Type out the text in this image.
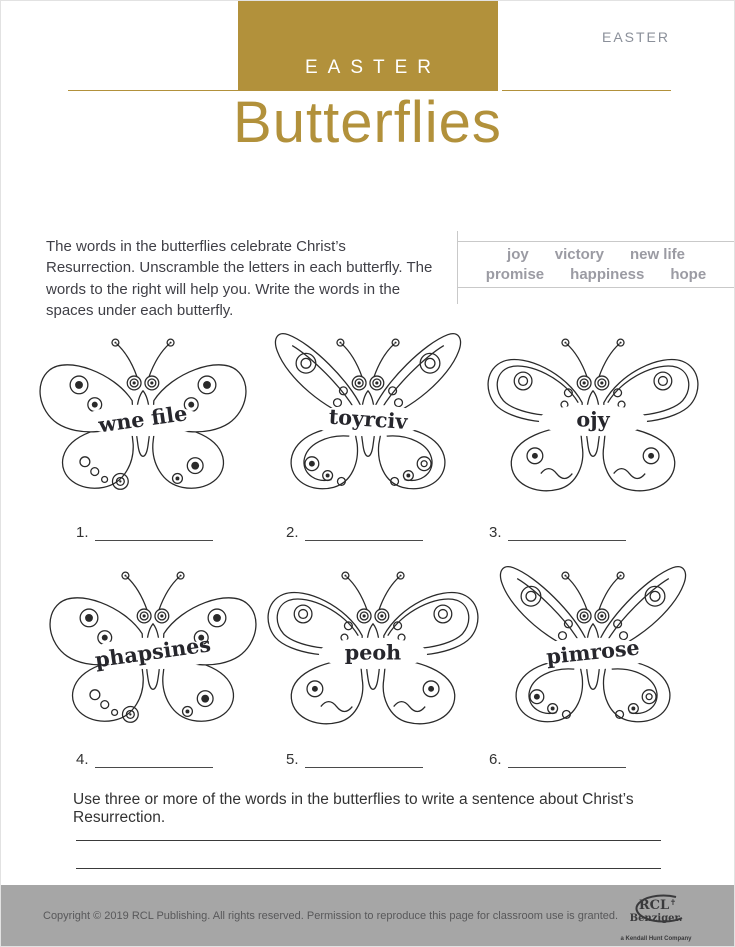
EASTER
EASTER
Butterflies

The words in the butterflies celebrate Christ’s Resurrection. Unscramble the letters in each butterfly. The words to the right will help you. Write the words in the spaces under each butterfly.

joy victory new life
promise happiness hope
wne file	toyrciv	ojy
1.	2.	3.
phapsines	peoh	pimrose
4.	5.	6.

Use three or more of the words in the butterflies to write a sentence about Christ’s Resurrection.

Copyright © 2019 RCL Publishing. All rights reserved. Permission to reproduce this page for classroom use is granted.
RCL ✝
Benziger.
a Kendall Hunt Company
